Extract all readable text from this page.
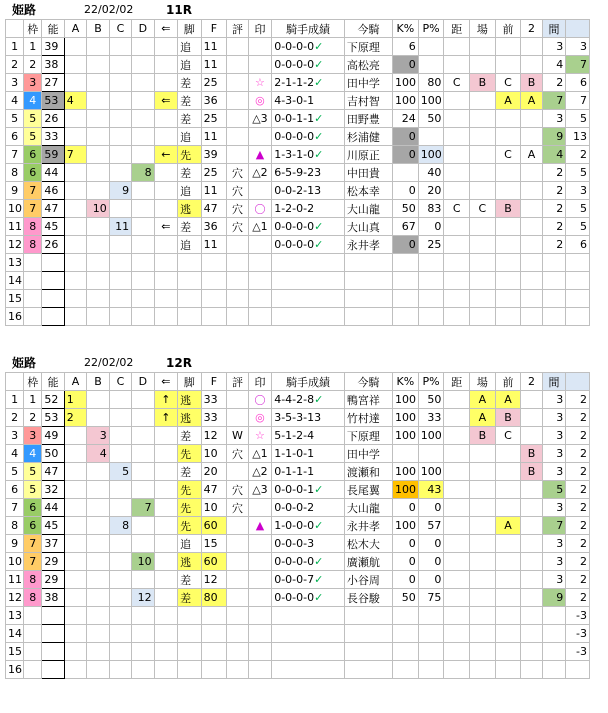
姫路	22/02/02	11R
	枠	能	A	B	C	D	⇐	脚	F	評	印	騎手成績	今騎	K%	P%	距	場	前	2	間	
1	1	39						追	11			0-0-0-0✓	下原理	6						3	3
2	2	38						追	11			0-0-0-0✓	高松亮	0						4	7
3	3	27						差	25		☆	2-1-1-2✓	田中学	100	80	C	B	C	B	2	6
4	4	53	4				⇐	差	36		◎	4-3-0-1	吉村智	100	100			A	A	7	7
5	5	26						差	25		△3	0-0-1-1✓	田野豊	24	50					3	5
6	5	33						追	11			0-0-0-0✓	杉浦健	0						9	13
7	6	59	7				←	先	39		▲	1-3-1-0✓	川原正	0	100			C	A	4	2
8	6	44				8		差	25	穴	△2	6-5-9-23	中田貴		40					2	5
9	7	46			9			追	11	穴		0-0-2-13	松本幸	0	20					2	3
10	7	47		10				逃	47	穴	〇	1-2-0-2	大山龍	50	83	C	C	B		2	5
11	8	45			11		⇐	差	36	穴	△1	0-0-0-0✓	大山真	67	0					2	5
12	8	26						追	11			0-0-0-0✓	永井孝	0	25					2	6
13																					
14																					
15																					
16																					
姫路	22/02/02	12R
	枠	能	A	B	C	D	⇐	脚	F	評	印	騎手成績	今騎	K%	P%	距	場	前	2	間	
1	1	52	1				↑	逃	33		〇	4-4-2-8✓	鴨宮祥	100	50		A	A		3	2
2	2	53	2				↑	逃	33		◎	3-5-3-13	竹村達	100	33		A	B		3	2
3	3	49		3				差	12	W	☆	5-1-2-4	下原理	100	100		B	C		3	2
4	4	50		4				先	10	穴	△1	1-1-0-1	田中学						B	3	2
5	5	47			5			差	20		△2	0-1-1-1	渡瀬和	100	100				B	3	2
6	5	32						先	47	穴	△3	0-0-0-1✓	長尾翼	100	43					5	2
7	6	44				7		先	10	穴		0-0-0-2	大山龍	0	0					3	2
8	6	45			8			先	60		▲	1-0-0-0✓	永井孝	100	57			A		7	2
9	7	37						追	15			0-0-0-3	松木大	0	0					3	2
10	7	29				10		逃	60			0-0-0-0✓	廣瀬航	0	0					3	2
11	8	29						差	12			0-0-0-7✓	小谷周	0	0					3	2
12	8	38				12		差	80			0-0-0-0✓	長谷駿	50	75					9	2
13																					-3
14																					-3
15																					-3
16																					
